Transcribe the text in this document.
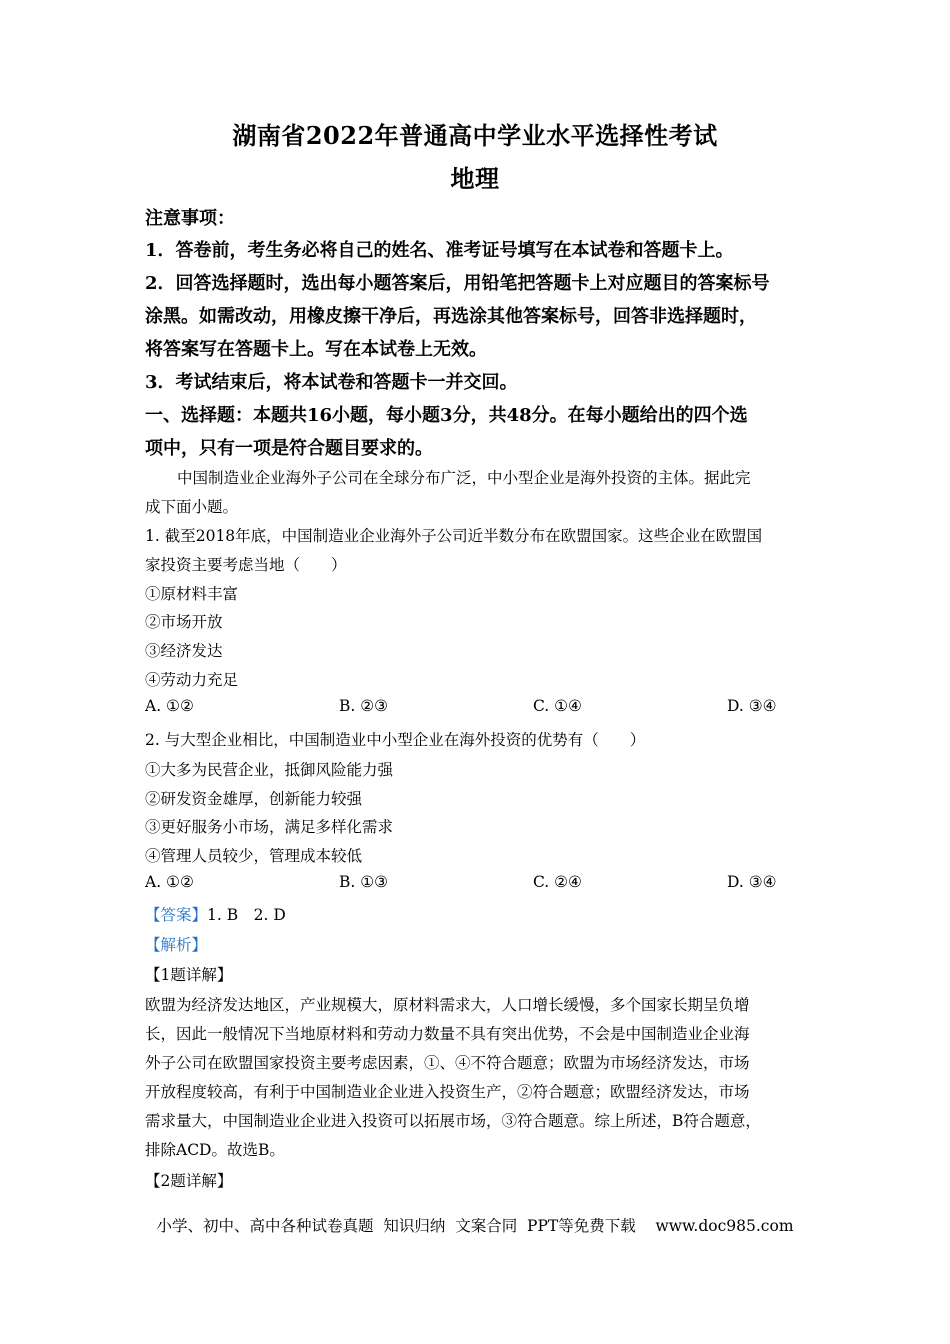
湖南省2022年普通高中学业水平选择性考试
地理
注意事项：
1．答卷前，考生务必将自己的姓名、准考证号填写在本试卷和答题卡上。
2．回答选择题时，选出每小题答案后，用铅笔把答题卡上对应题目的答案标号
涂黑。如需改动，用橡皮擦干净后，再选涂其他答案标号，回答非选择题时，
将答案写在答题卡上。写在本试卷上无效。
3．考试结束后，将本试卷和答题卡一并交回。
一、选择题：本题共16小题，每小题3分，共48分。在每小题给出的四个选
项中，只有一项是符合题目要求的。
中国制造业企业海外子公司在全球分布广泛，中小型企业是海外投资的主体。据此完
成下面小题。
1. 截至2018年底，中国制造业企业海外子公司近半数分布在欧盟国家。这些企业在欧盟国
家投资主要考虑当地（　　）
①原材料丰富
②市场开放
③经济发达
④劳动力充足
A. ①②	B. ②③	C. ①④	D. ③④
2. 与大型企业相比，中国制造业中小型企业在海外投资的优势有（　　）
①大多为民营企业，抵御风险能力强
②研发资金雄厚，创新能力较强
③更好服务小市场，满足多样化需求
④管理人员较少，管理成本较低
A. ①②	B. ①③	C. ②④	D. ③④
【答案】1. B　2. D
【解析】
【1题详解】
欧盟为经济发达地区，产业规模大，原材料需求大，人口增长缓慢，多个国家长期呈负增
长，因此一般情况下当地原材料和劳动力数量不具有突出优势，不会是中国制造业企业海
外子公司在欧盟国家投资主要考虑因素，①、④不符合题意；欧盟为市场经济发达，市场
开放程度较高，有利于中国制造业企业进入投资生产，②符合题意；欧盟经济发达，市场
需求量大，中国制造业企业进入投资可以拓展市场，③符合题意。综上所述，B符合题意，
排除ACD。故选B。
【2题详解】
小学、初中、高中各种试卷真题  知识归纳  文案合同  PPT等免费下载 www.doc985.com
